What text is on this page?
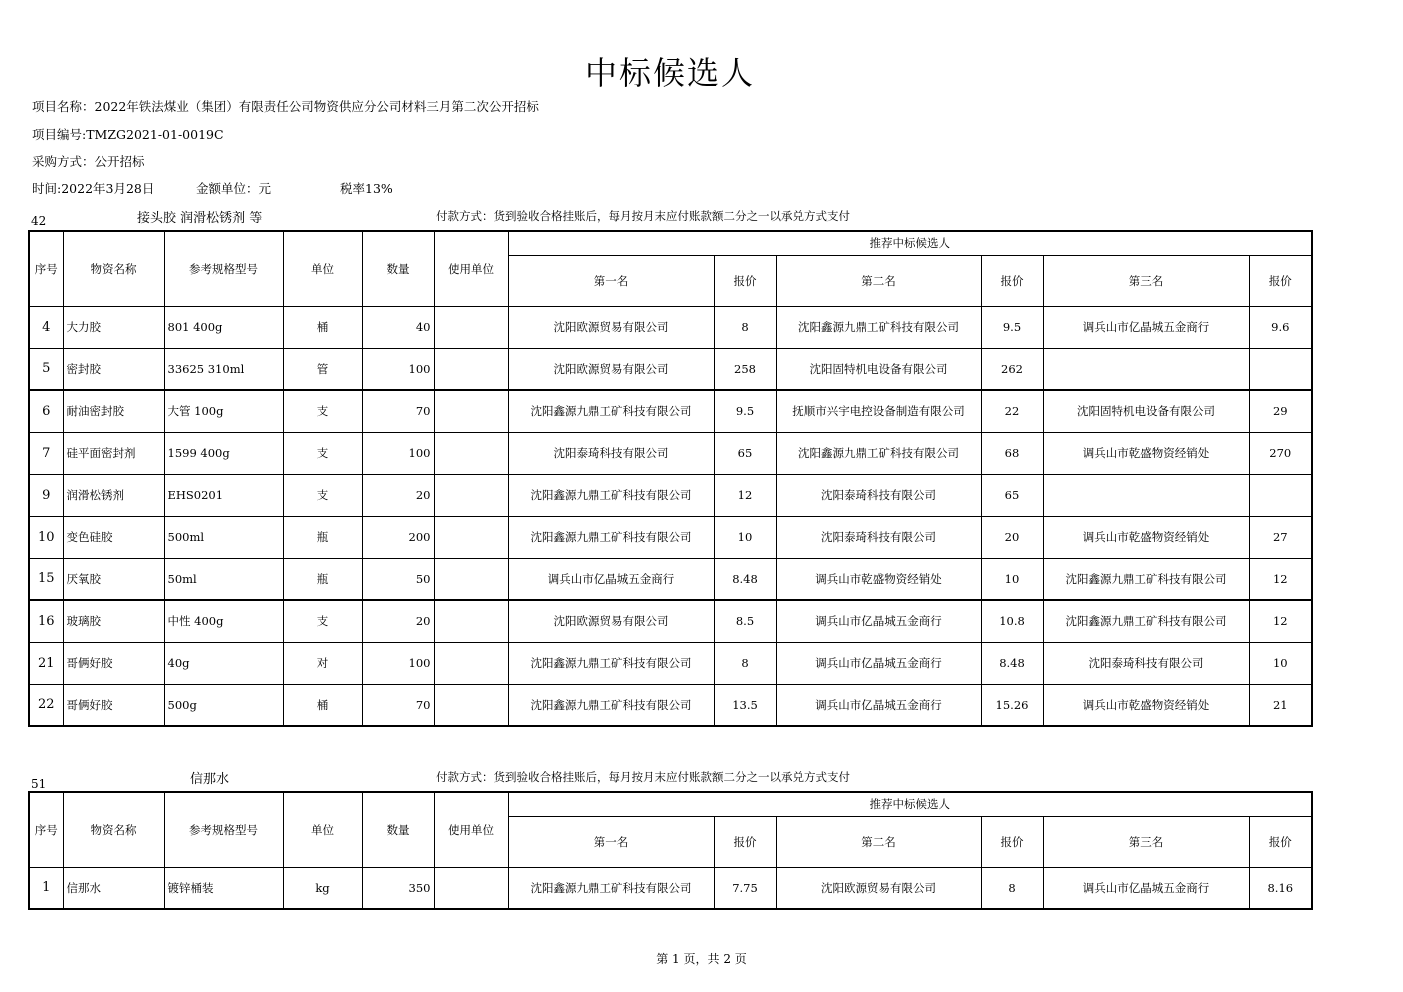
中标候选人
项目名称：2022年铁法煤业（集团）有限责任公司物资供应分公司材料三月第二次公开招标
项目编号:TMZG2021-01-0019C
采购方式：公开招标
时间:2022年3月28日	金额单位：元	税率13%
42	接头胶 润滑松锈剂 等	付款方式：货到验收合格挂账后，每月按月末应付账款额二分之一以承兑方式支付
序号	物资名称	参考规格型号	单位	数量	使用单位	推荐中标候选人					
						第一名	报价	第二名	报价	第三名	报价
4	大力胶	801 400g	桶	40		沈阳欧源贸易有限公司	8	沈阳鑫源九鼎工矿科技有限公司	9.5	调兵山市亿晶城五金商行	9.6
5	密封胶	33625 310ml	管	100		沈阳欧源贸易有限公司	258	沈阳固特机电设备有限公司	262		
6	耐油密封胶	大管 100g	支	70		沈阳鑫源九鼎工矿科技有限公司	9.5	抚顺市兴宇电控设备制造有限公司	22	沈阳固特机电设备有限公司	29
7	硅平面密封剂	1599 400g	支	100		沈阳泰琦科技有限公司	65	沈阳鑫源九鼎工矿科技有限公司	68	调兵山市乾盛物资经销处	270
9	润滑松锈剂	EHS0201	支	20		沈阳鑫源九鼎工矿科技有限公司	12	沈阳泰琦科技有限公司	65		
10	变色硅胶	500ml	瓶	200		沈阳鑫源九鼎工矿科技有限公司	10	沈阳泰琦科技有限公司	20	调兵山市乾盛物资经销处	27
15	厌氧胶	50ml	瓶	50		调兵山市亿晶城五金商行	8.48	调兵山市乾盛物资经销处	10	沈阳鑫源九鼎工矿科技有限公司	12
16	玻璃胶	中性 400g	支	20		沈阳欧源贸易有限公司	8.5	调兵山市亿晶城五金商行	10.8	沈阳鑫源九鼎工矿科技有限公司	12
21	哥俩好胶	40g	对	100		沈阳鑫源九鼎工矿科技有限公司	8	调兵山市亿晶城五金商行	8.48	沈阳泰琦科技有限公司	10
22	哥俩好胶	500g	桶	70		沈阳鑫源九鼎工矿科技有限公司	13.5	调兵山市亿晶城五金商行	15.26	调兵山市乾盛物资经销处	21
51	信那水	付款方式：货到验收合格挂账后，每月按月末应付账款额二分之一以承兑方式支付
序号	物资名称	参考规格型号	单位	数量	使用单位	推荐中标候选人					
						第一名	报价	第二名	报价	第三名	报价
1	信那水	镀锌桶装	kg	350		沈阳鑫源九鼎工矿科技有限公司	7.75	沈阳欧源贸易有限公司	8	调兵山市亿晶城五金商行	8.16
第 1 页，共 2 页
